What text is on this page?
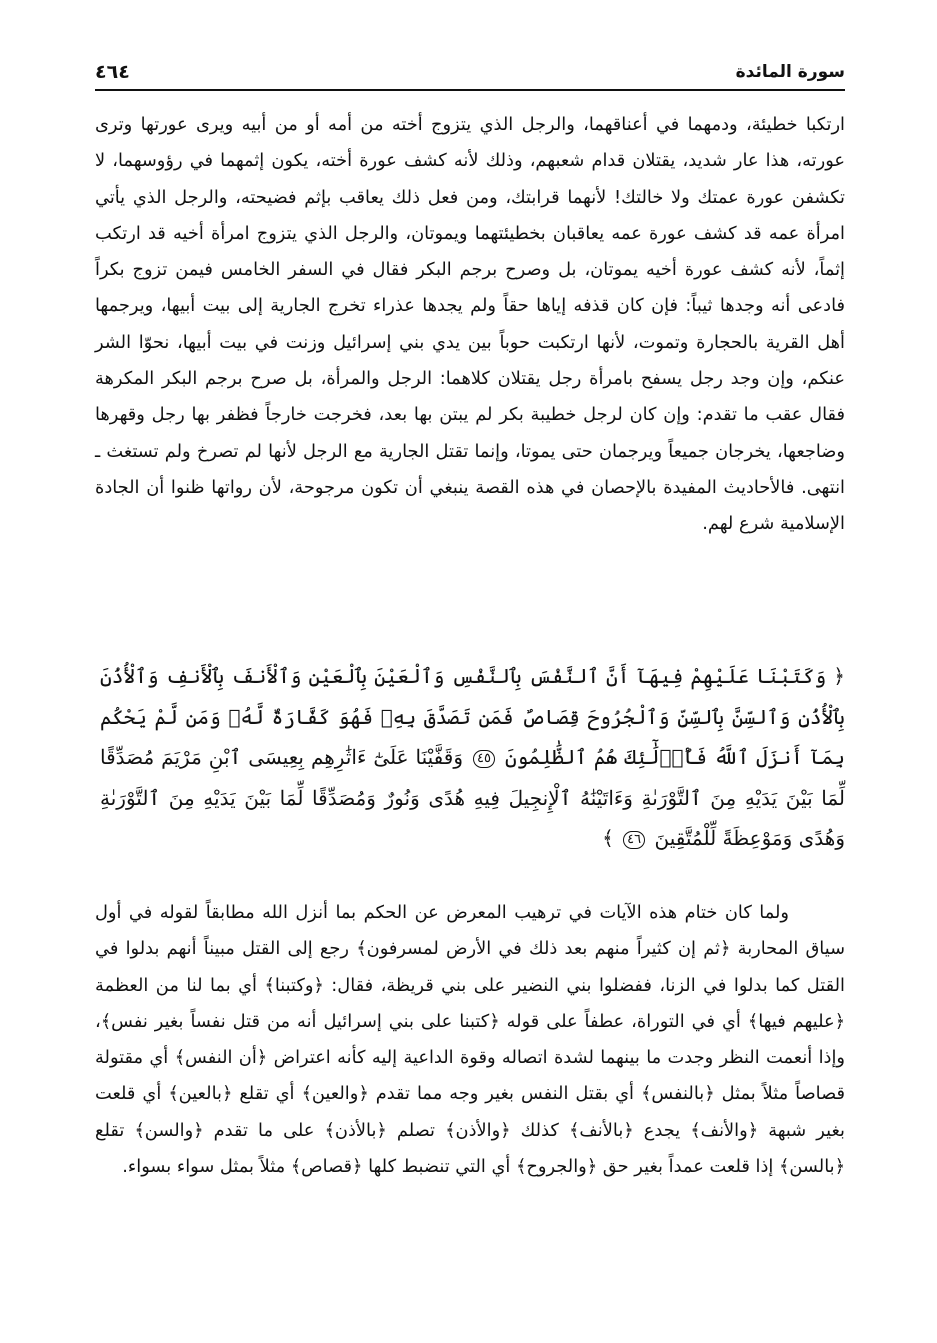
سورة المائدة
٤٦٤

ارتكبا خطيئة، ودمهما في أعناقهما، والرجل الذي يتزوج أخته من أمه أو من أبيه ويرى عورتها وترى عورته، هذا عار شديد، يقتلان قدام شعبهم، وذلك لأنه كشف عورة أخته، يكون إثمهما في رؤوسهما، لا تكشفن عورة عمتك ولا خالتك! لأنهما قرابتك، ومن فعل ذلك يعاقب بإثم فضيحته، والرجل الذي يأتي امرأة عمه قد كشف عورة عمه يعاقبان بخطيئتهما ويموتان، والرجل الذي يتزوج امرأة أخيه قد ارتكب إثماً، لأنه كشف عورة أخيه يموتان، بل وصرح برجم البكر فقال في السفر الخامس فيمن تزوج بكراً فادعى أنه وجدها ثيباً: فإن كان قذفه إياها حقاً ولم يجدها عذراء تخرج الجارية إلى بيت أبيها، ويرجمها أهل القرية بالحجارة وتموت، لأنها ارتكبت حوباً بين يدي بني إسرائيل وزنت في بيت أبيها، نحوّا الشر عنكم، وإن وجد رجل يسفح بامرأة رجل يقتلان كلاهما: الرجل والمرأة، بل صرح برجم البكر المكرهة فقال عقب ما تقدم: وإن كان لرجل خطيبة بكر لم يبتن بها بعد، فخرجت خارجاً فظفر بها رجل وقهرها وضاجعها، يخرجان جميعاً ويرجمان حتى يموتا، وإنما تقتل الجارية مع الرجل لأنها لم تصرخ ولم تستغث ـ انتهى. فالأحاديث المفيدة بالإحصان في هذه القصة ينبغي أن تكون مرجوحة، لأن رواتها ظنوا أن الجادة الإسلامية شرع لهم.

﴿ وَكَتَبْنَا عَلَيْهِمْ فِيهَآ أَنَّ ٱلنَّفْسَ بِٱلنَّفْسِ وَٱلْعَيْنَ بِٱلْعَيْنِ وَٱلْأَنفَ بِٱلْأَنفِ وَٱلْأُذُنَ بِٱلْأُذُنِ وَٱلسِّنَّ بِٱلسِّنِّ وَٱلْجُرُوحَ قِصَاصٌ فَمَن تَصَدَّقَ بِهِۦ فَهُوَ كَفَّارَةٌ لَّهُۥ وَمَن لَّمْ يَحْكُم بِمَآ أَنزَلَ ٱللَّهُ فَأُو۟لَٰٓئِكَ هُمُ ٱلظَّٰلِمُونَ ٤٥ وَقَفَّيْنَا عَلَىٰٓ ءَاثَٰرِهِم بِعِيسَى ٱبْنِ مَرْيَمَ مُصَدِّقًا لِّمَا بَيْنَ يَدَيْهِ مِنَ ٱلتَّوْرَىٰةِ وَءَاتَيْنَٰهُ ٱلْإِنجِيلَ فِيهِ هُدًى وَنُورٌ وَمُصَدِّقًا لِّمَا بَيْنَ يَدَيْهِ مِنَ ٱلتَّوْرَىٰةِ وَهُدًى وَمَوْعِظَةً لِّلْمُتَّقِينَ ٤٦ ﴾

ولما كان ختام هذه الآيات في ترهيب المعرض عن الحكم بما أنزل الله مطابقاً لقوله في أول سياق المحاربة ﴿ثم إن كثيراً منهم بعد ذلك في الأرض لمسرفون﴾ رجع إلى القتل مبيناً أنهم بدلوا في القتل كما بدلوا في الزنا، ففضلوا بني النضير على بني قريظة، فقال: ﴿وكتبنا﴾ أي بما لنا من العظمة ﴿عليهم فيها﴾ أي في التوراة، عطفاً على قوله ﴿كتبنا على بني إسرائيل أنه من قتل نفساً بغير نفس﴾، وإذا أنعمت النظر وجدت ما بينهما لشدة اتصاله وقوة الداعية إليه كأنه اعتراض ﴿أن النفس﴾ أي مقتولة قصاصاً مثلاً بمثل ﴿بالنفس﴾ أي بقتل النفس بغير وجه مما تقدم ﴿والعين﴾ أي تقلع ﴿بالعين﴾ أي قلعت بغير شبهة ﴿والأنف﴾ يجدع ﴿بالأنف﴾ كذلك ﴿والأذن﴾ تصلم ﴿بالأذن﴾ على ما تقدم ﴿والسن﴾ تقلع ﴿بالسن﴾ إذا قلعت عمداً بغير حق ﴿والجروح﴾ أي التي تنضبط كلها ﴿قصاص﴾ مثلاً بمثل سواء بسواء.
